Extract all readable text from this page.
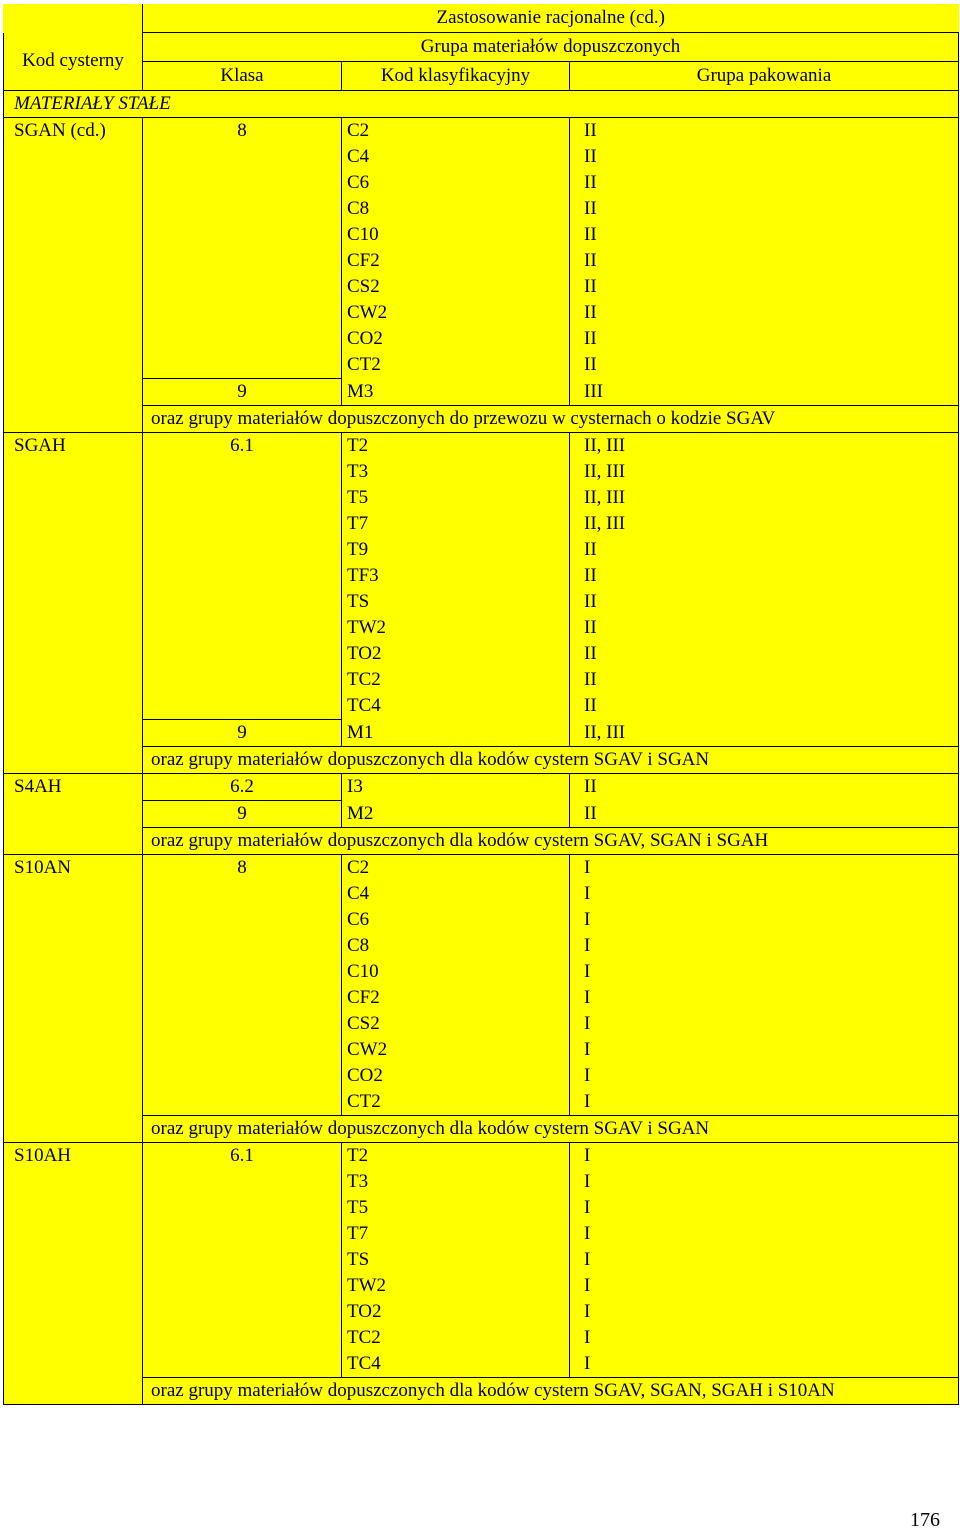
	Zastosowanie racjonalne (cd.)		
Kod cysterny	Grupa materiałów dopuszczonych		
	Klasa	Kod klasyfikacyjny	Grupa pakowania
MATERIAŁY STAŁE			
SGAN (cd.)	8	C2	II
		C4	II
		C6	II
		C8	II
		C10	II
		CF2	II
		CS2	II
		CW2	II
		CO2	II
		CT2	II
	9	M3	III
	oraz grupy materiałów dopuszczonych do przewozu w cysternach o kodzie SGAV		
SGAH	6.1	T2	II, III
		T3	II, III
		T5	II, III
		T7	II, III
		T9	II
		TF3	II
		TS	II
		TW2	II
		TO2	II
		TC2	II
		TC4	II
	9	M1	II, III
	oraz grupy materiałów dopuszczonych dla kodów cystern SGAV i SGAN		
S4AH	6.2	I3	II
	9	M2	II
	oraz grupy materiałów dopuszczonych dla kodów cystern SGAV, SGAN i SGAH		
S10AN	8	C2	I
		C4	I
		C6	I
		C8	I
		C10	I
		CF2	I
		CS2	I
		CW2	I
		CO2	I
		CT2	I
	oraz grupy materiałów dopuszczonych dla kodów cystern SGAV i SGAN		
S10AH	6.1	T2	I
		T3	I
		T5	I
		T7	I
		TS	I
		TW2	I
		TO2	I
		TC2	I
		TC4	I
	oraz grupy materiałów dopuszczonych dla kodów cystern SGAV, SGAN, SGAH i S10AN		
176
